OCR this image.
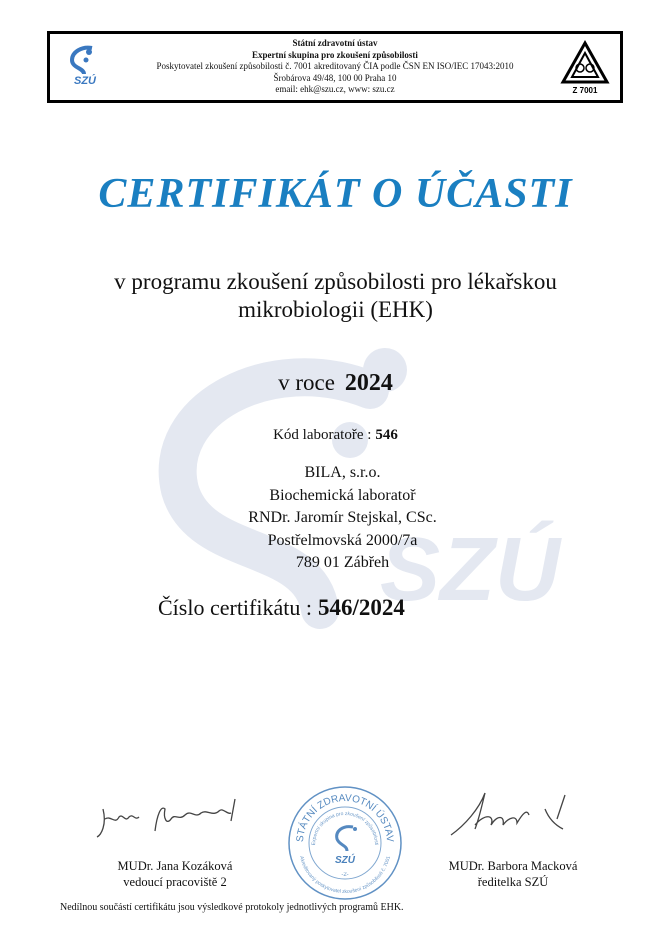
SZÚ
Státní zdravotní ústav
Expertní skupina pro zkoušení způsobilosti
Poskytovatel zkoušení způsobilosti č. 7001 akreditovaný ČIA podle ČSN EN ISO/IEC 17043:2010
Šrobárova 49/48, 100 00 Praha 10
email: ehk@szu.cz, www: szu.cz	Z 7001
SZÚ
CERTIFIKÁT O ÚČASTI
v programu zkoušení způsobilosti pro lékařskou
mikrobiologii (EHK)
v roce 2024
Kód laboratoře : 546
BILA, s.r.o.
Biochemická laboratoř
RNDr. Jaromír Stejskal, CSc.
Postřelmovská 2000/7a
789 01 Zábřeh
Číslo certifikátu : 546/2024
STÁTNÍ ZDRAVOTNÍ ÚSTAV
Expertní skupina pro zkoušení způsobilosti
Akreditovaný poskytovatel zkoušení způsobilosti č. 7001
SZÚ
-2-
MUDr. Jana Kozáková
vedoucí pracoviště 2
MUDr. Barbora Macková
ředitelka SZÚ
Nedílnou součástí certifikátu jsou výsledkové protokoly jednotlivých programů EHK.
